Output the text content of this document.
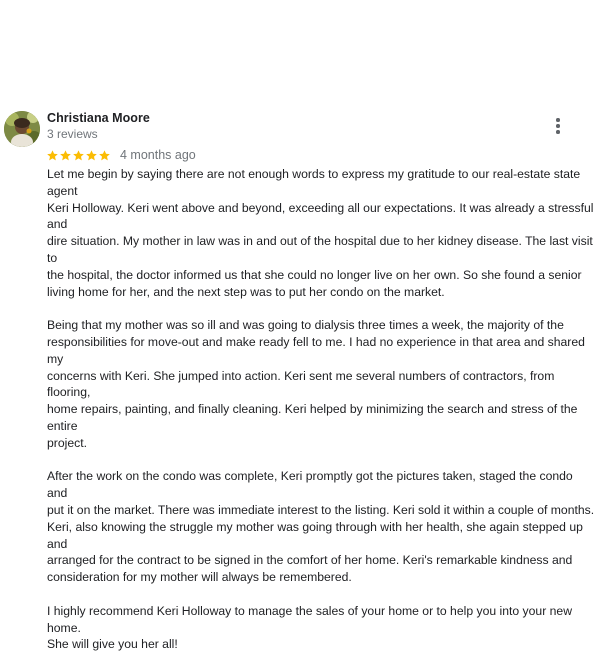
Christiana Moore
3 reviews
4 months ago

Let me begin by saying there are not enough words to express my gratitude to our real-estate state agent
Keri Holloway. Keri went above and beyond, exceeding all our expectations. It was already a stressful and
dire situation. My mother in law was in and out of the hospital due to her kidney disease. The last visit to
the hospital, the doctor informed us that she could no longer live on her own. So she found a senior
living home for her, and the next step was to put her condo on the market.

Being that my mother was so ill and was going to dialysis three times a week, the majority of the
responsibilities for move-out and make ready fell to me. I had no experience in that area and shared my
concerns with Keri. She jumped into action. Keri sent me several numbers of contractors, from flooring,
home repairs, painting, and finally cleaning. Keri helped by minimizing the search and stress of the entire
project.

After the work on the condo was complete, Keri promptly got the pictures taken, staged the condo and
put it on the market. There was immediate interest to the listing. Keri sold it within a couple of months.
Keri, also knowing the struggle my mother was going through with her health, she again stepped up and
arranged for the contract to be signed in the comfort of her home. Keri's remarkable kindness and
consideration for my mother will always be remembered.

I highly recommend Keri Holloway to manage the sales of your home or to help you into your new home.
She will give you her all!
